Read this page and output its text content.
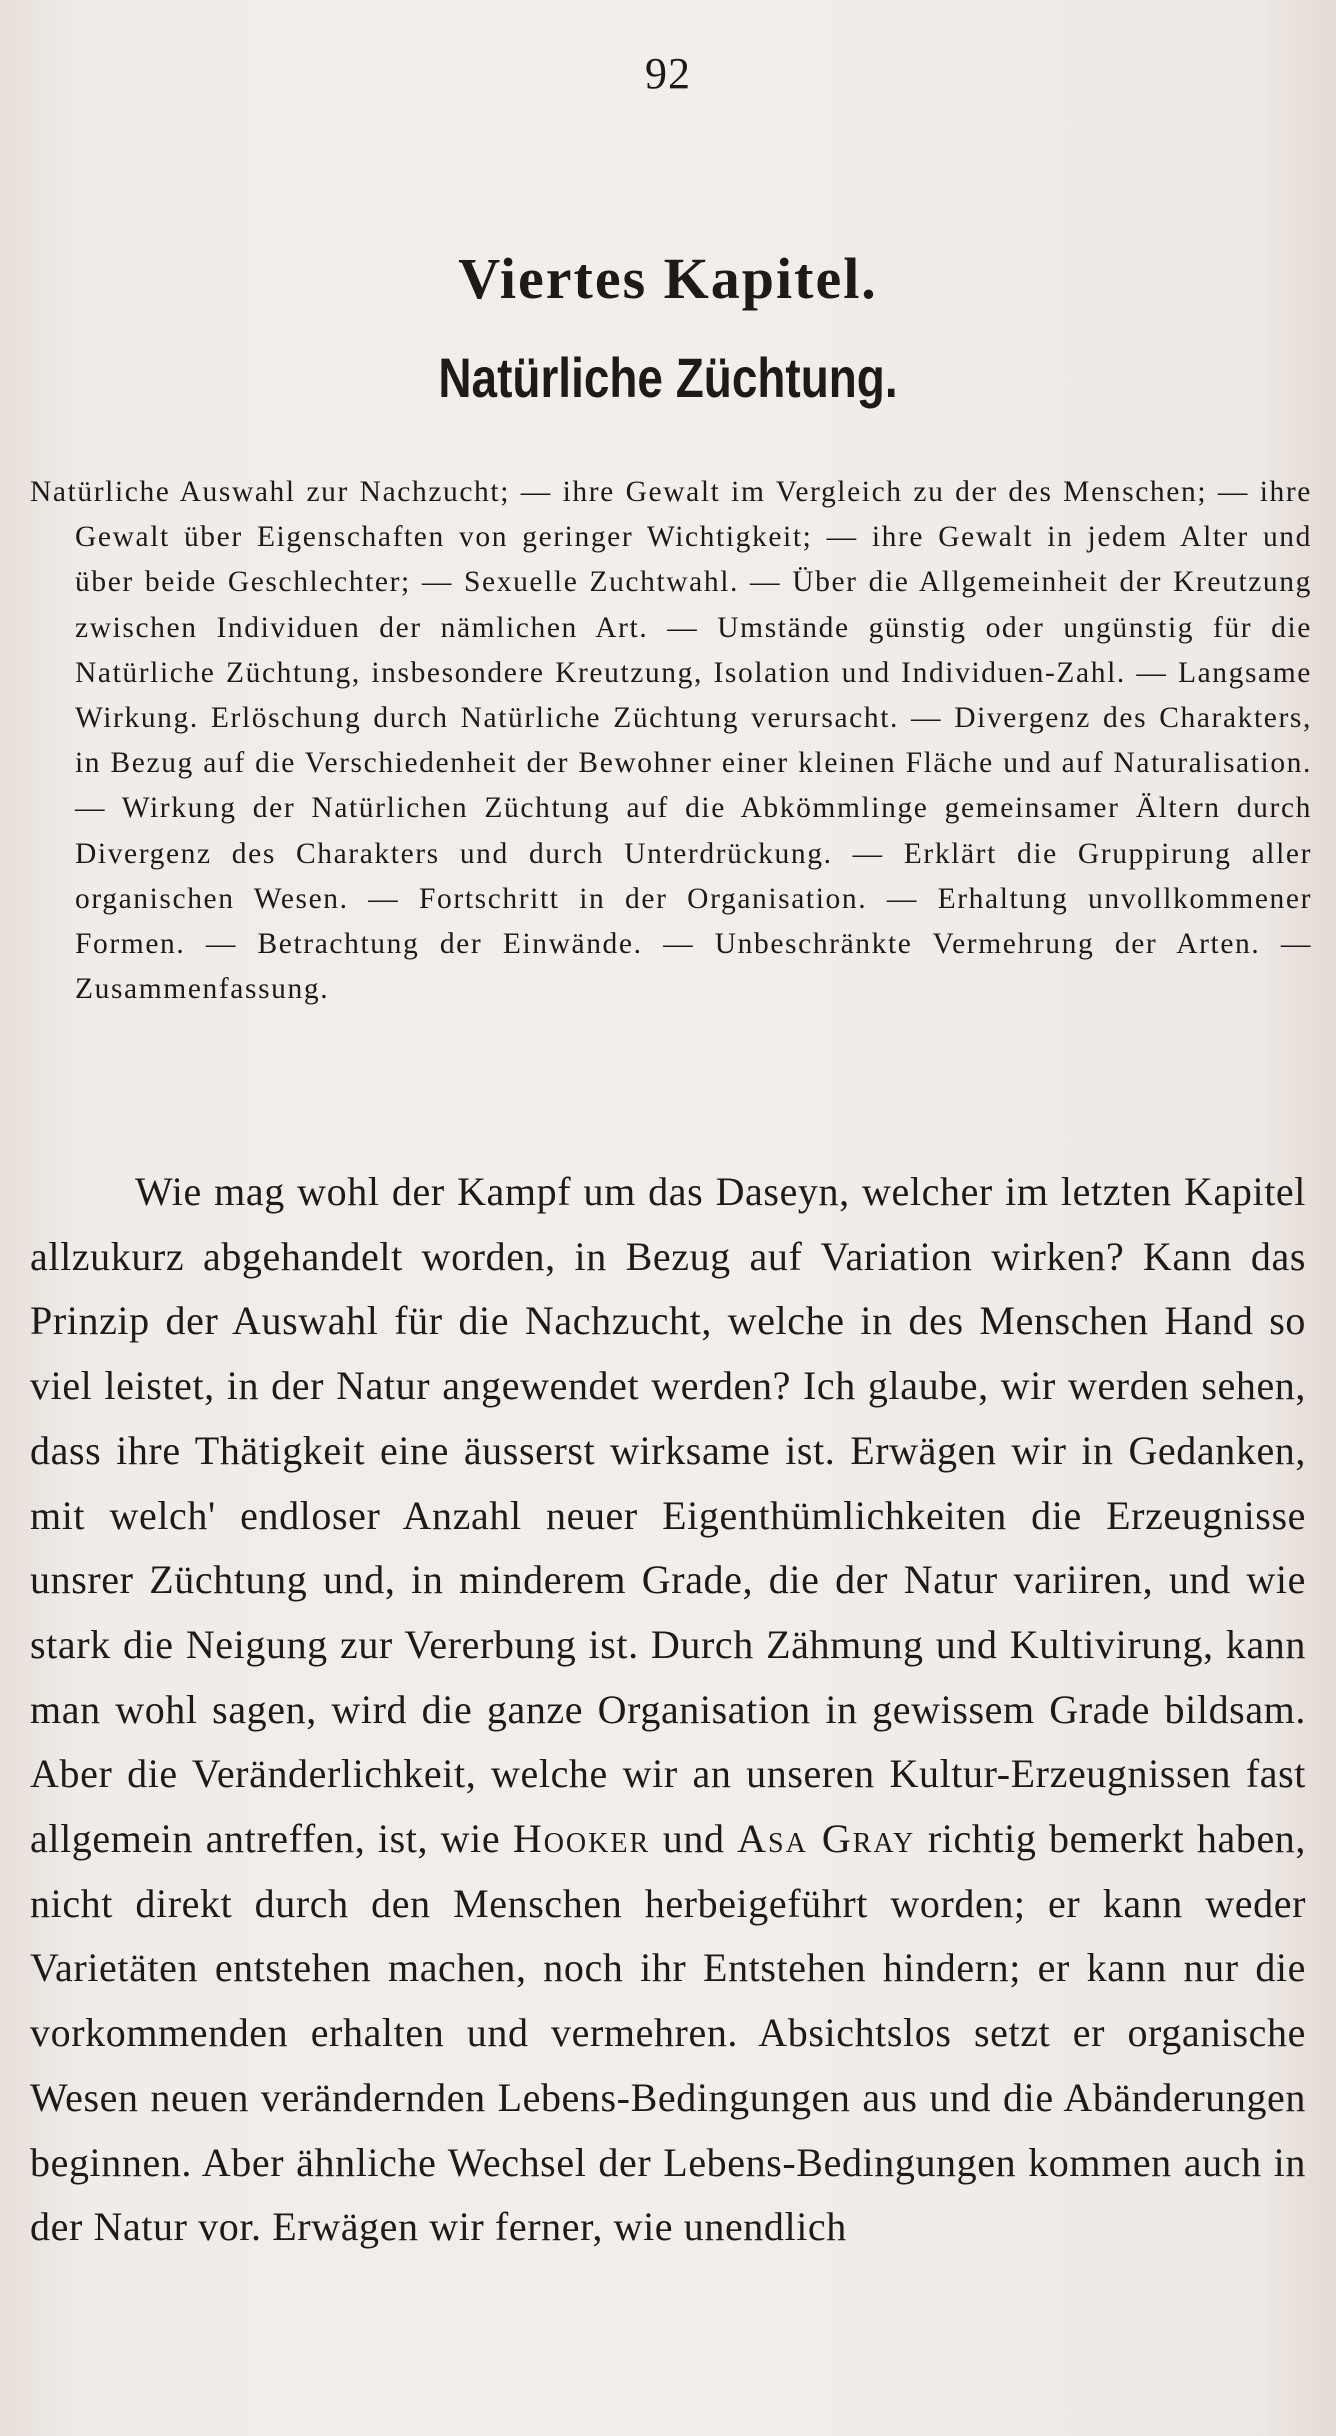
92
Viertes Kapitel.
Natürliche Züchtung.

Natürliche Auswahl zur Nachzucht; — ihre Gewalt im Vergleich zu der des Menschen; — ihre Gewalt über Eigenschaften von geringer Wichtigkeit; — ihre Gewalt in jedem Alter und über beide Geschlechter; — Sexuelle Zuchtwahl. — Über die Allgemeinheit der Kreutzung zwischen Individuen der nämlichen Art. — Umstände günstig oder ungünstig für die Natürliche Züchtung, insbesondere Kreutzung, Isolation und Individuen-Zahl. — Langsame Wirkung. Erlöschung durch Natürliche Züchtung verursacht. — Divergenz des Charakters, in Bezug auf die Verschiedenheit der Bewohner einer kleinen Fläche und auf Naturalisation. — Wirkung der Natürlichen Züchtung auf die Abkömmlinge gemeinsamer Ältern durch Divergenz des Charakters und durch Unterdrückung. — Erklärt die Gruppirung aller organischen Wesen. — Fortschritt in der Organisation. — Erhaltung unvollkommener Formen. — Betrachtung der Einwände. — Unbeschränkte Vermehrung der Arten. — Zusammenfassung.

Wie mag wohl der Kampf um das Daseyn, welcher im letzten Kapitel allzukurz abgehandelt worden, in Bezug auf Variation wirken? Kann das Prinzip der Auswahl für die Nachzucht, welche in des Menschen Hand so viel leistet, in der Natur angewendet werden? Ich glaube, wir werden sehen, dass ihre Thätigkeit eine äusserst wirksame ist. Erwägen wir in Gedanken, mit welch' endloser Anzahl neuer Eigenthümlichkeiten die Erzeugnisse unsrer Züchtung und, in minderem Grade, die der Natur variiren, und wie stark die Neigung zur Vererbung ist. Durch Zähmung und Kultivirung, kann man wohl sagen, wird die ganze Organisation in gewissem Grade bildsam. Aber die Veränderlichkeit, welche wir an unseren Kultur-Erzeugnissen fast allgemein antreffen, ist, wie Hooker und Asa Gray richtig bemerkt haben, nicht direkt durch den Menschen herbeigeführt worden; er kann weder Varietäten entstehen machen, noch ihr Entstehen hindern; er kann nur die vorkommenden erhalten und vermehren. Absichtslos setzt er organische Wesen neuen verändernden Lebens-Bedingungen aus und die Abänderungen beginnen. Aber ähnliche Wechsel der Lebens-Bedingungen kommen auch in der Natur vor. Erwägen wir ferner, wie unendlich
